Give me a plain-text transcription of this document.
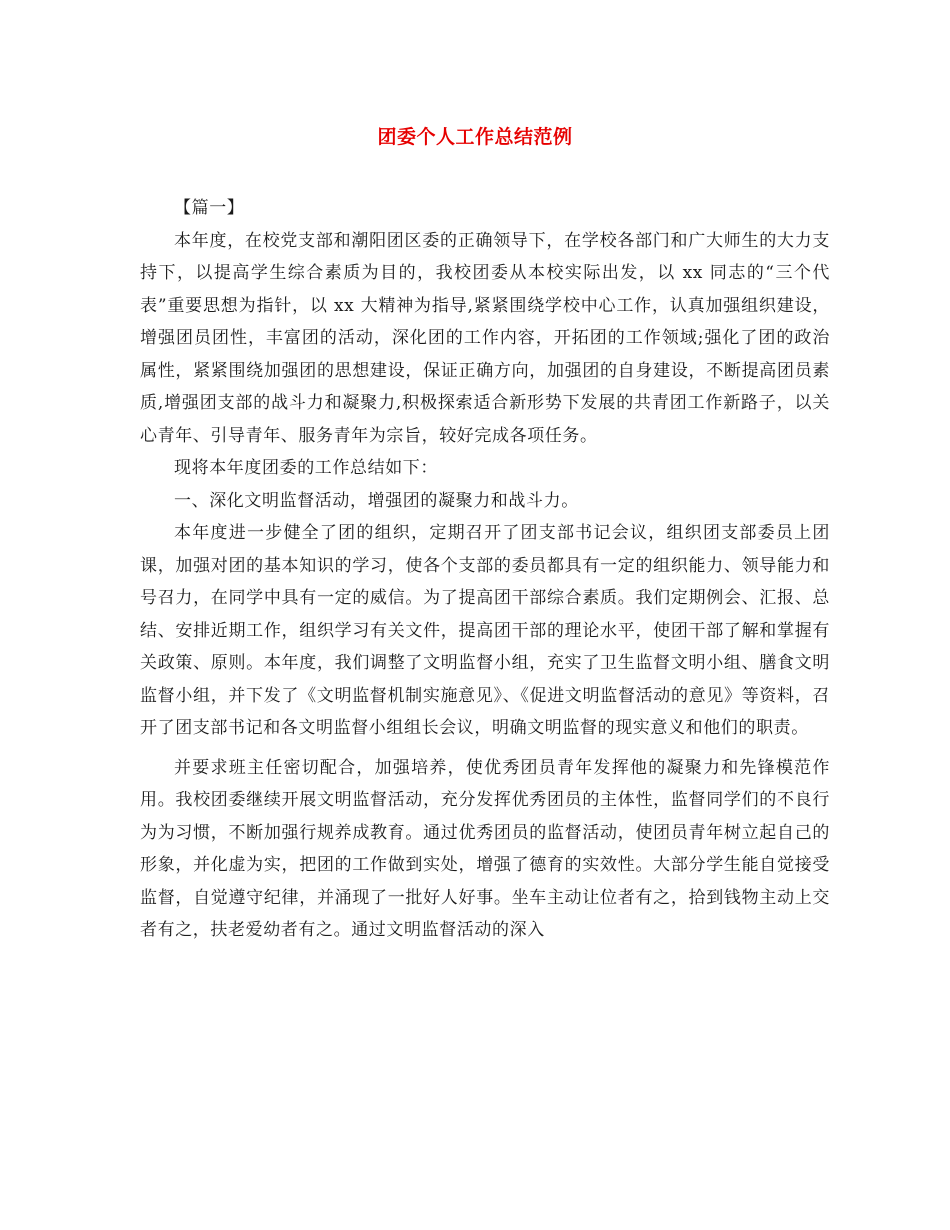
团委个人工作总结范例

【篇一】

本年度，在校党支部和潮阳团区委的正确领导下，在学校各部门和广大师生的大力支持下，以提高学生综合素质为目的，我校团委从本校实际出发，以 xx 同志的“三个代表”重要思想为指针，以 xx 大精神为指导,紧紧围绕学校中心工作，认真加强组织建设，增强团员团性，丰富团的活动，深化团的工作内容，开拓团的工作领域;强化了团的政治属性，紧紧围绕加强团的思想建设，保证正确方向，加强团的自身建设，不断提高团员素质,增强团支部的战斗力和凝聚力,积极探索适合新形势下发展的共青团工作新路子，以关心青年、引导青年、服务青年为宗旨，较好完成各项任务。

现将本年度团委的工作总结如下：

一、深化文明监督活动，增强团的凝聚力和战斗力。

本年度进一步健全了团的组织，定期召开了团支部书记会议，组织团支部委员上团课，加强对团的基本知识的学习，使各个支部的委员都具有一定的组织能力、领导能力和号召力，在同学中具有一定的威信。为了提高团干部综合素质。我们定期例会、汇报、总结、安排近期工作，组织学习有关文件，提高团干部的理论水平，使团干部了解和掌握有关政策、原则。本年度，我们调整了文明监督小组，充实了卫生监督文明小组、膳食文明监督小组，并下发了《文明监督机制实施意见》、《促进文明监督活动的意见》等资料，召开了团支部书记和各文明监督小组组长会议，明确文明监督的现实意义和他们的职责。

并要求班主任密切配合，加强培养，使优秀团员青年发挥他的凝聚力和先锋模范作用。我校团委继续开展文明监督活动，充分发挥优秀团员的主体性，监督同学们的不良行为为习惯，不断加强行规养成教育。通过优秀团员的监督活动，使团员青年树立起自己的形象，并化虚为实，把团的工作做到实处，增强了德育的实效性。大部分学生能自觉接受监督，自觉遵守纪律，并涌现了一批好人好事。坐车主动让位者有之，拾到钱物主动上交者有之，扶老爱幼者有之。通过文明监督活动的深入
